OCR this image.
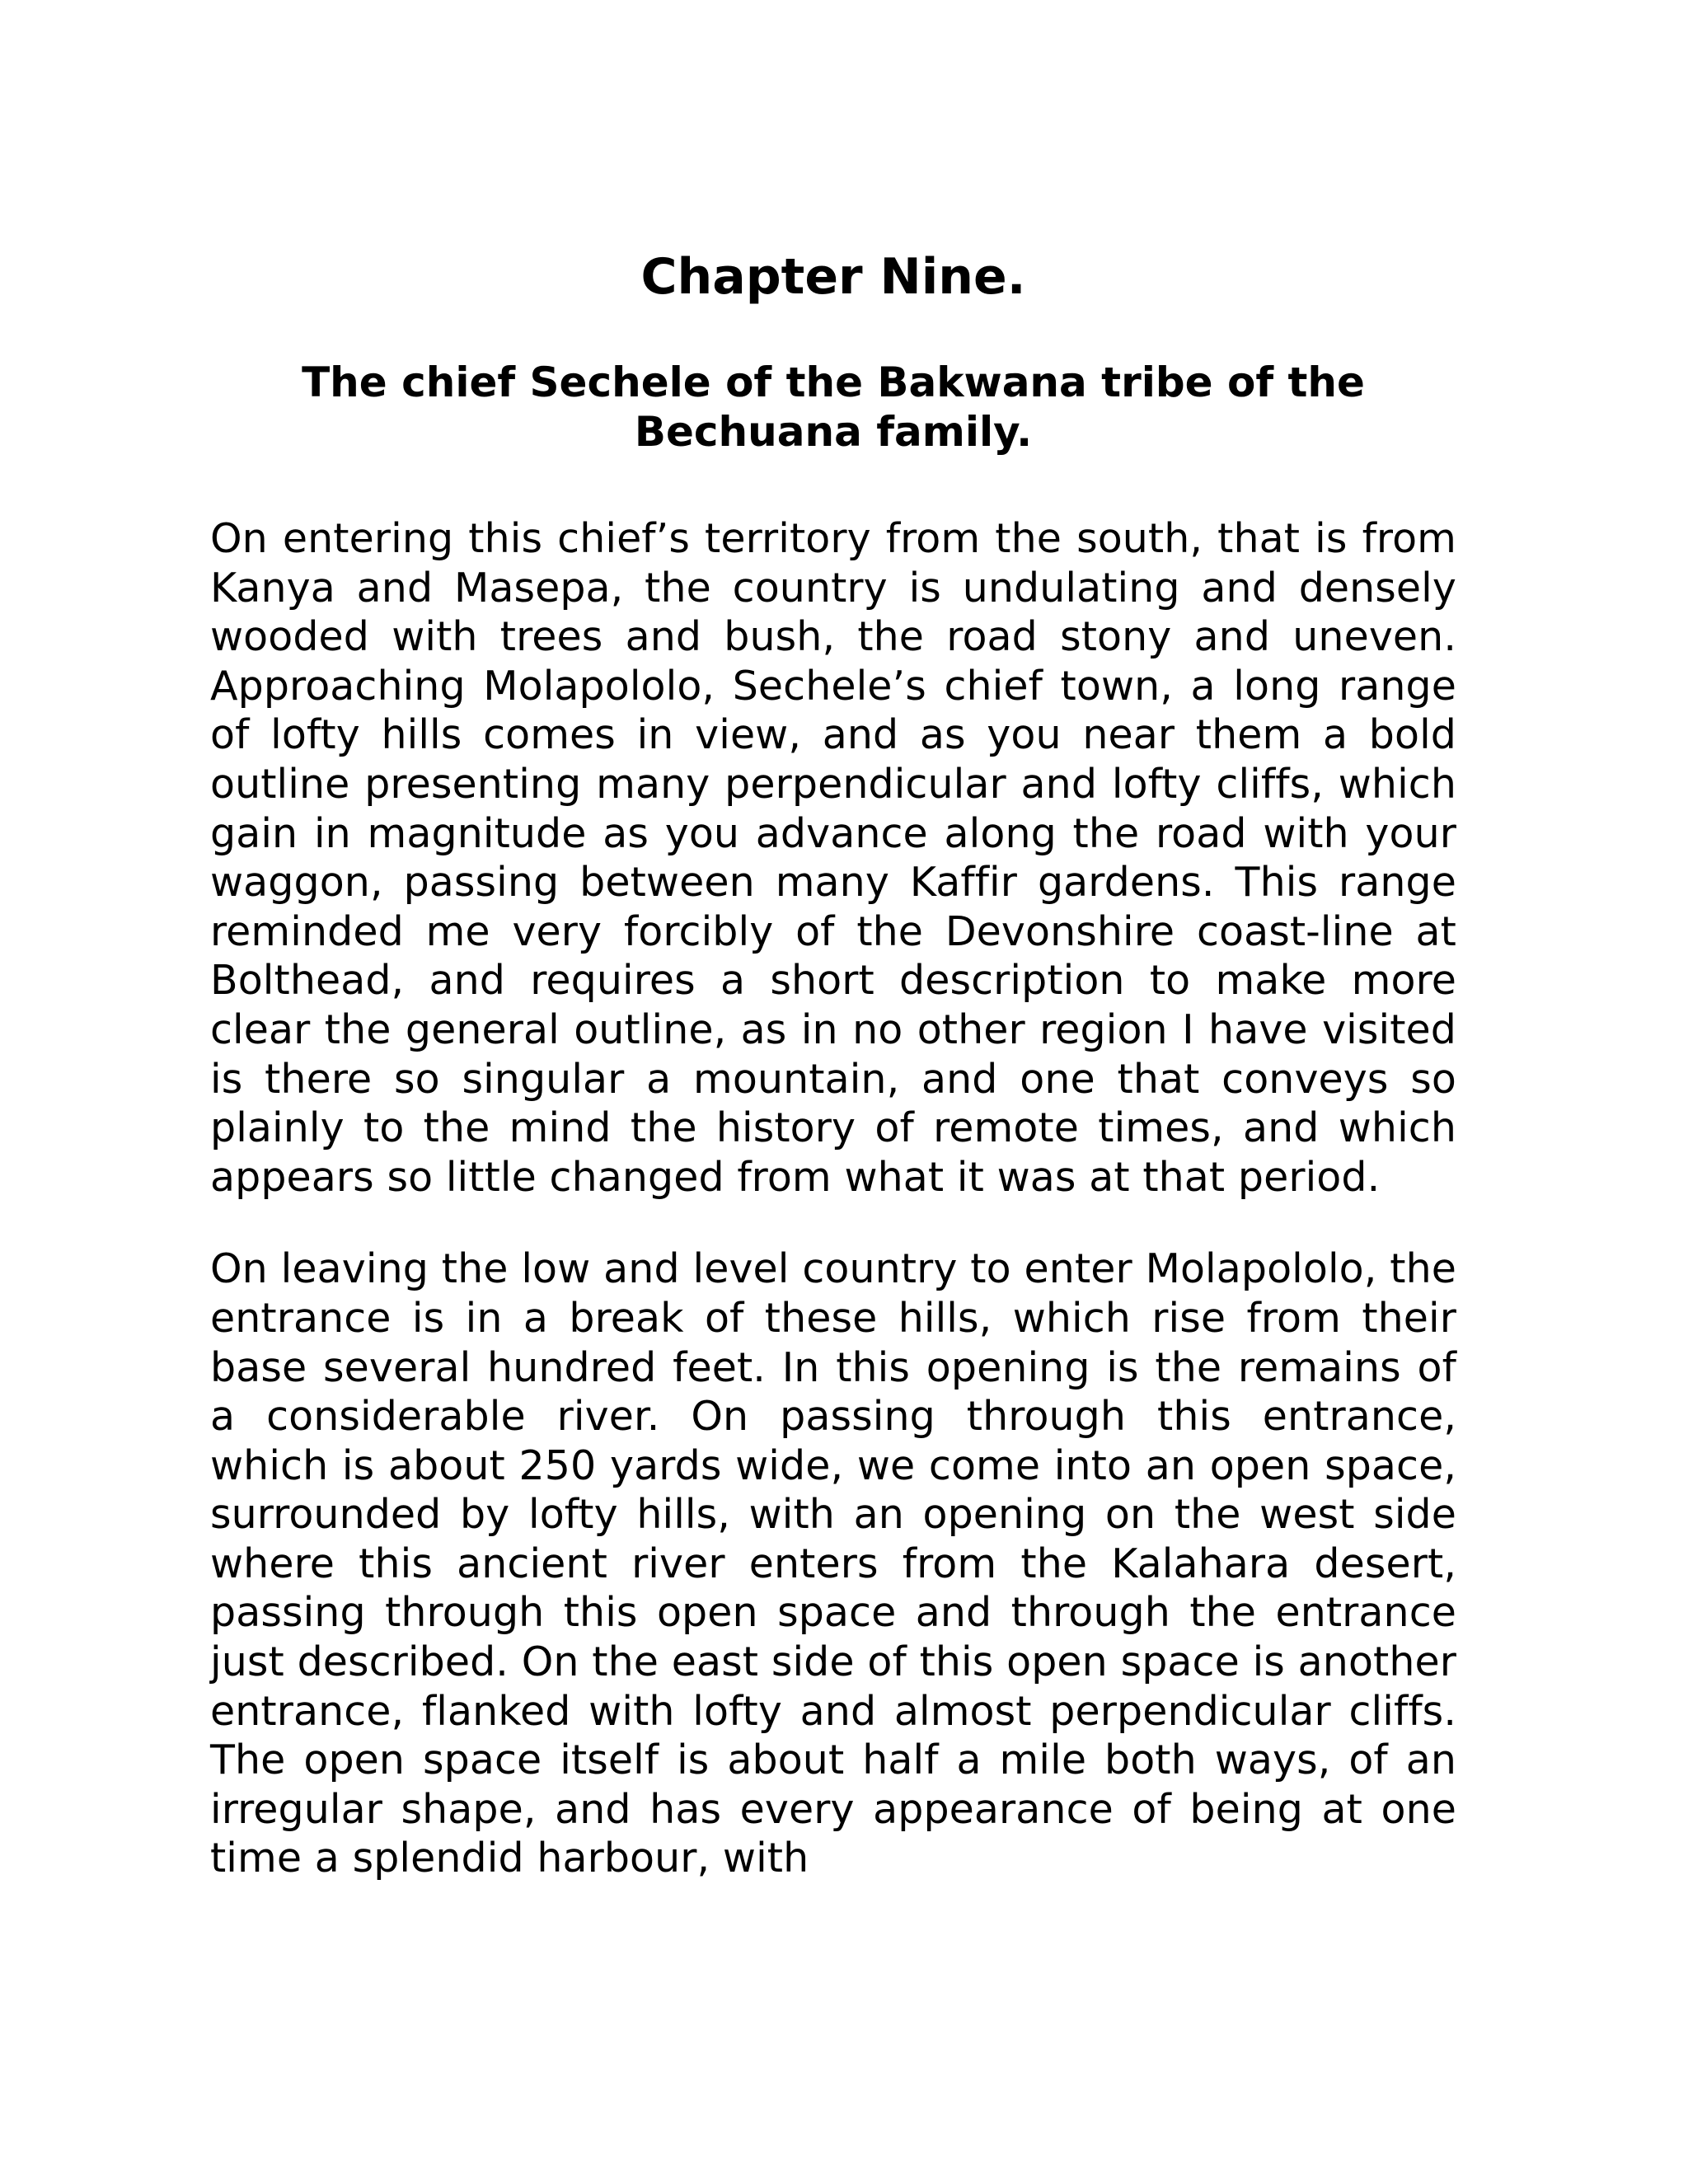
Chapter Nine.
The chief Sechele of the Bakwana tribe of the Bechuana family.

On entering this chief’s territory from the south, that is from Kanya and Masepa, the country is undulating and densely wooded with trees and bush, the road stony and uneven. Approaching Molapololo, Sechele’s chief town, a long range of lofty hills comes in view, and as you near them a bold outline presenting many perpendicular and lofty cliffs, which gain in magnitude as you advance along the road with your waggon, passing between many Kaffir gardens. This range reminded me very forcibly of the Devonshire coast-line at Bolthead, and requires a short description to make more clear the general outline, as in no other region I have visited is there so singular a mountain, and one that conveys so plainly to the mind the history of remote times, and which appears so little changed from what it was at that period.

On leaving the low and level country to enter Molapololo, the entrance is in a break of these hills, which rise from their base several hundred feet. In this opening is the remains of a considerable river. On passing through this entrance, which is about 250 yards wide, we come into an open space, surrounded by lofty hills, with an opening on the west side where this ancient river enters from the Kalahara desert, passing through this open space and through the entrance just described. On the east side of this open space is another entrance, flanked with lofty and almost perpendicular cliffs. The open space itself is about half a mile both ways, of an irregular shape, and has every appearance of being at one time a splendid harbour, with
